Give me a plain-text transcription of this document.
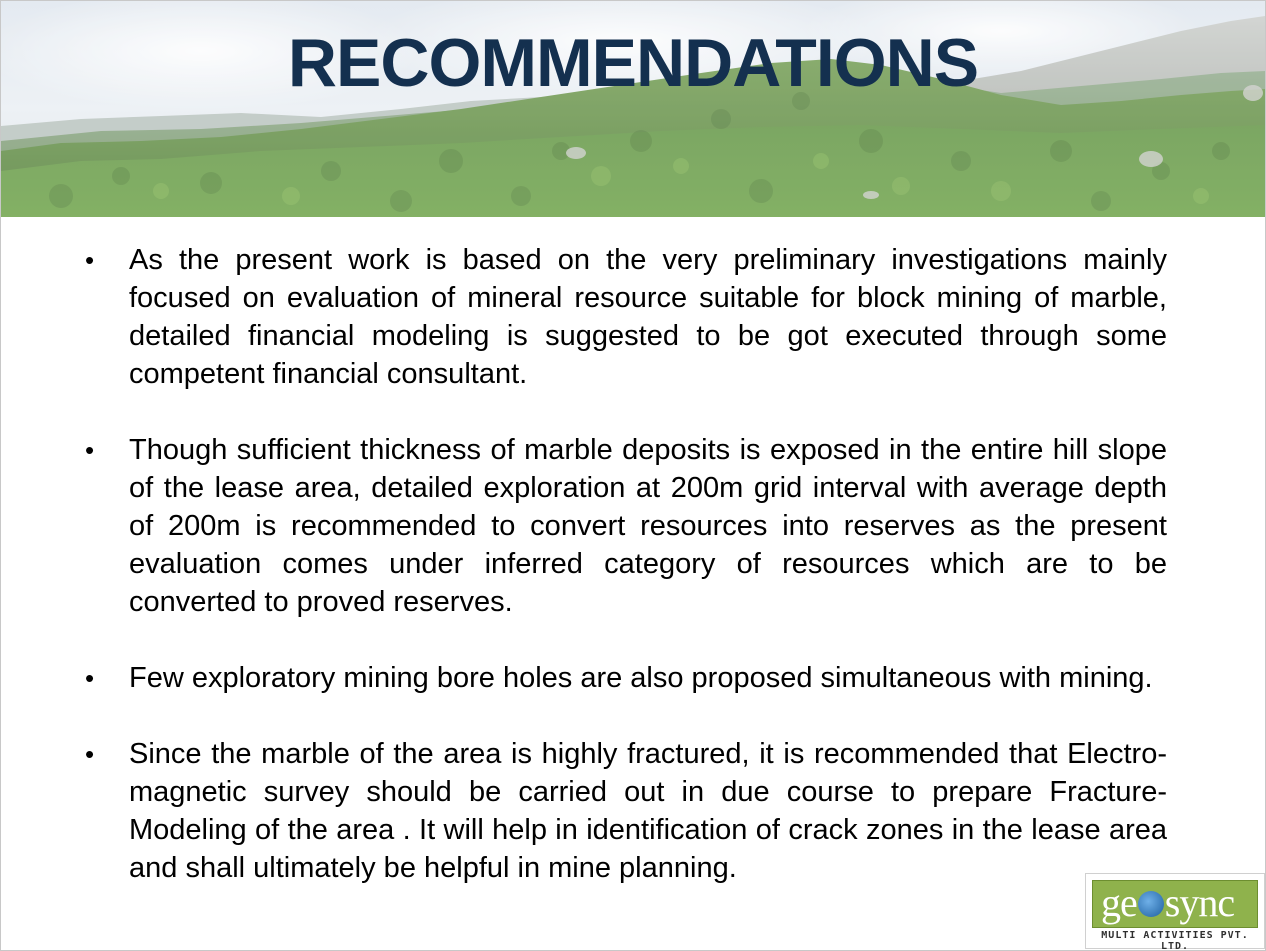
RECOMMENDATIONS
•	As the present work is based on the very preliminary investigations mainly focused on evaluation of mineral resource suitable for block mining of marble, detailed financial modeling is suggested to be got executed through some competent financial consultant.
•	Though sufficient thickness of marble deposits is exposed in the entire hill slope of the lease area, detailed exploration at 200m grid interval with average depth of 200m is recommended to convert resources into reserves as the present evaluation comes under inferred category of resources which are to be converted to proved reserves.
•	Few exploratory mining bore holes are also proposed simultaneous with mining.
•	Since the marble of the area is highly fractured, it is recommended that Electro-magnetic survey should be carried out in due course to prepare Fracture-Modeling of the area . It will help in identification of crack zones in the lease area and shall ultimately be helpful in mine planning.
ge sync
MULTI ACTIVITIES PVT. LTD.
